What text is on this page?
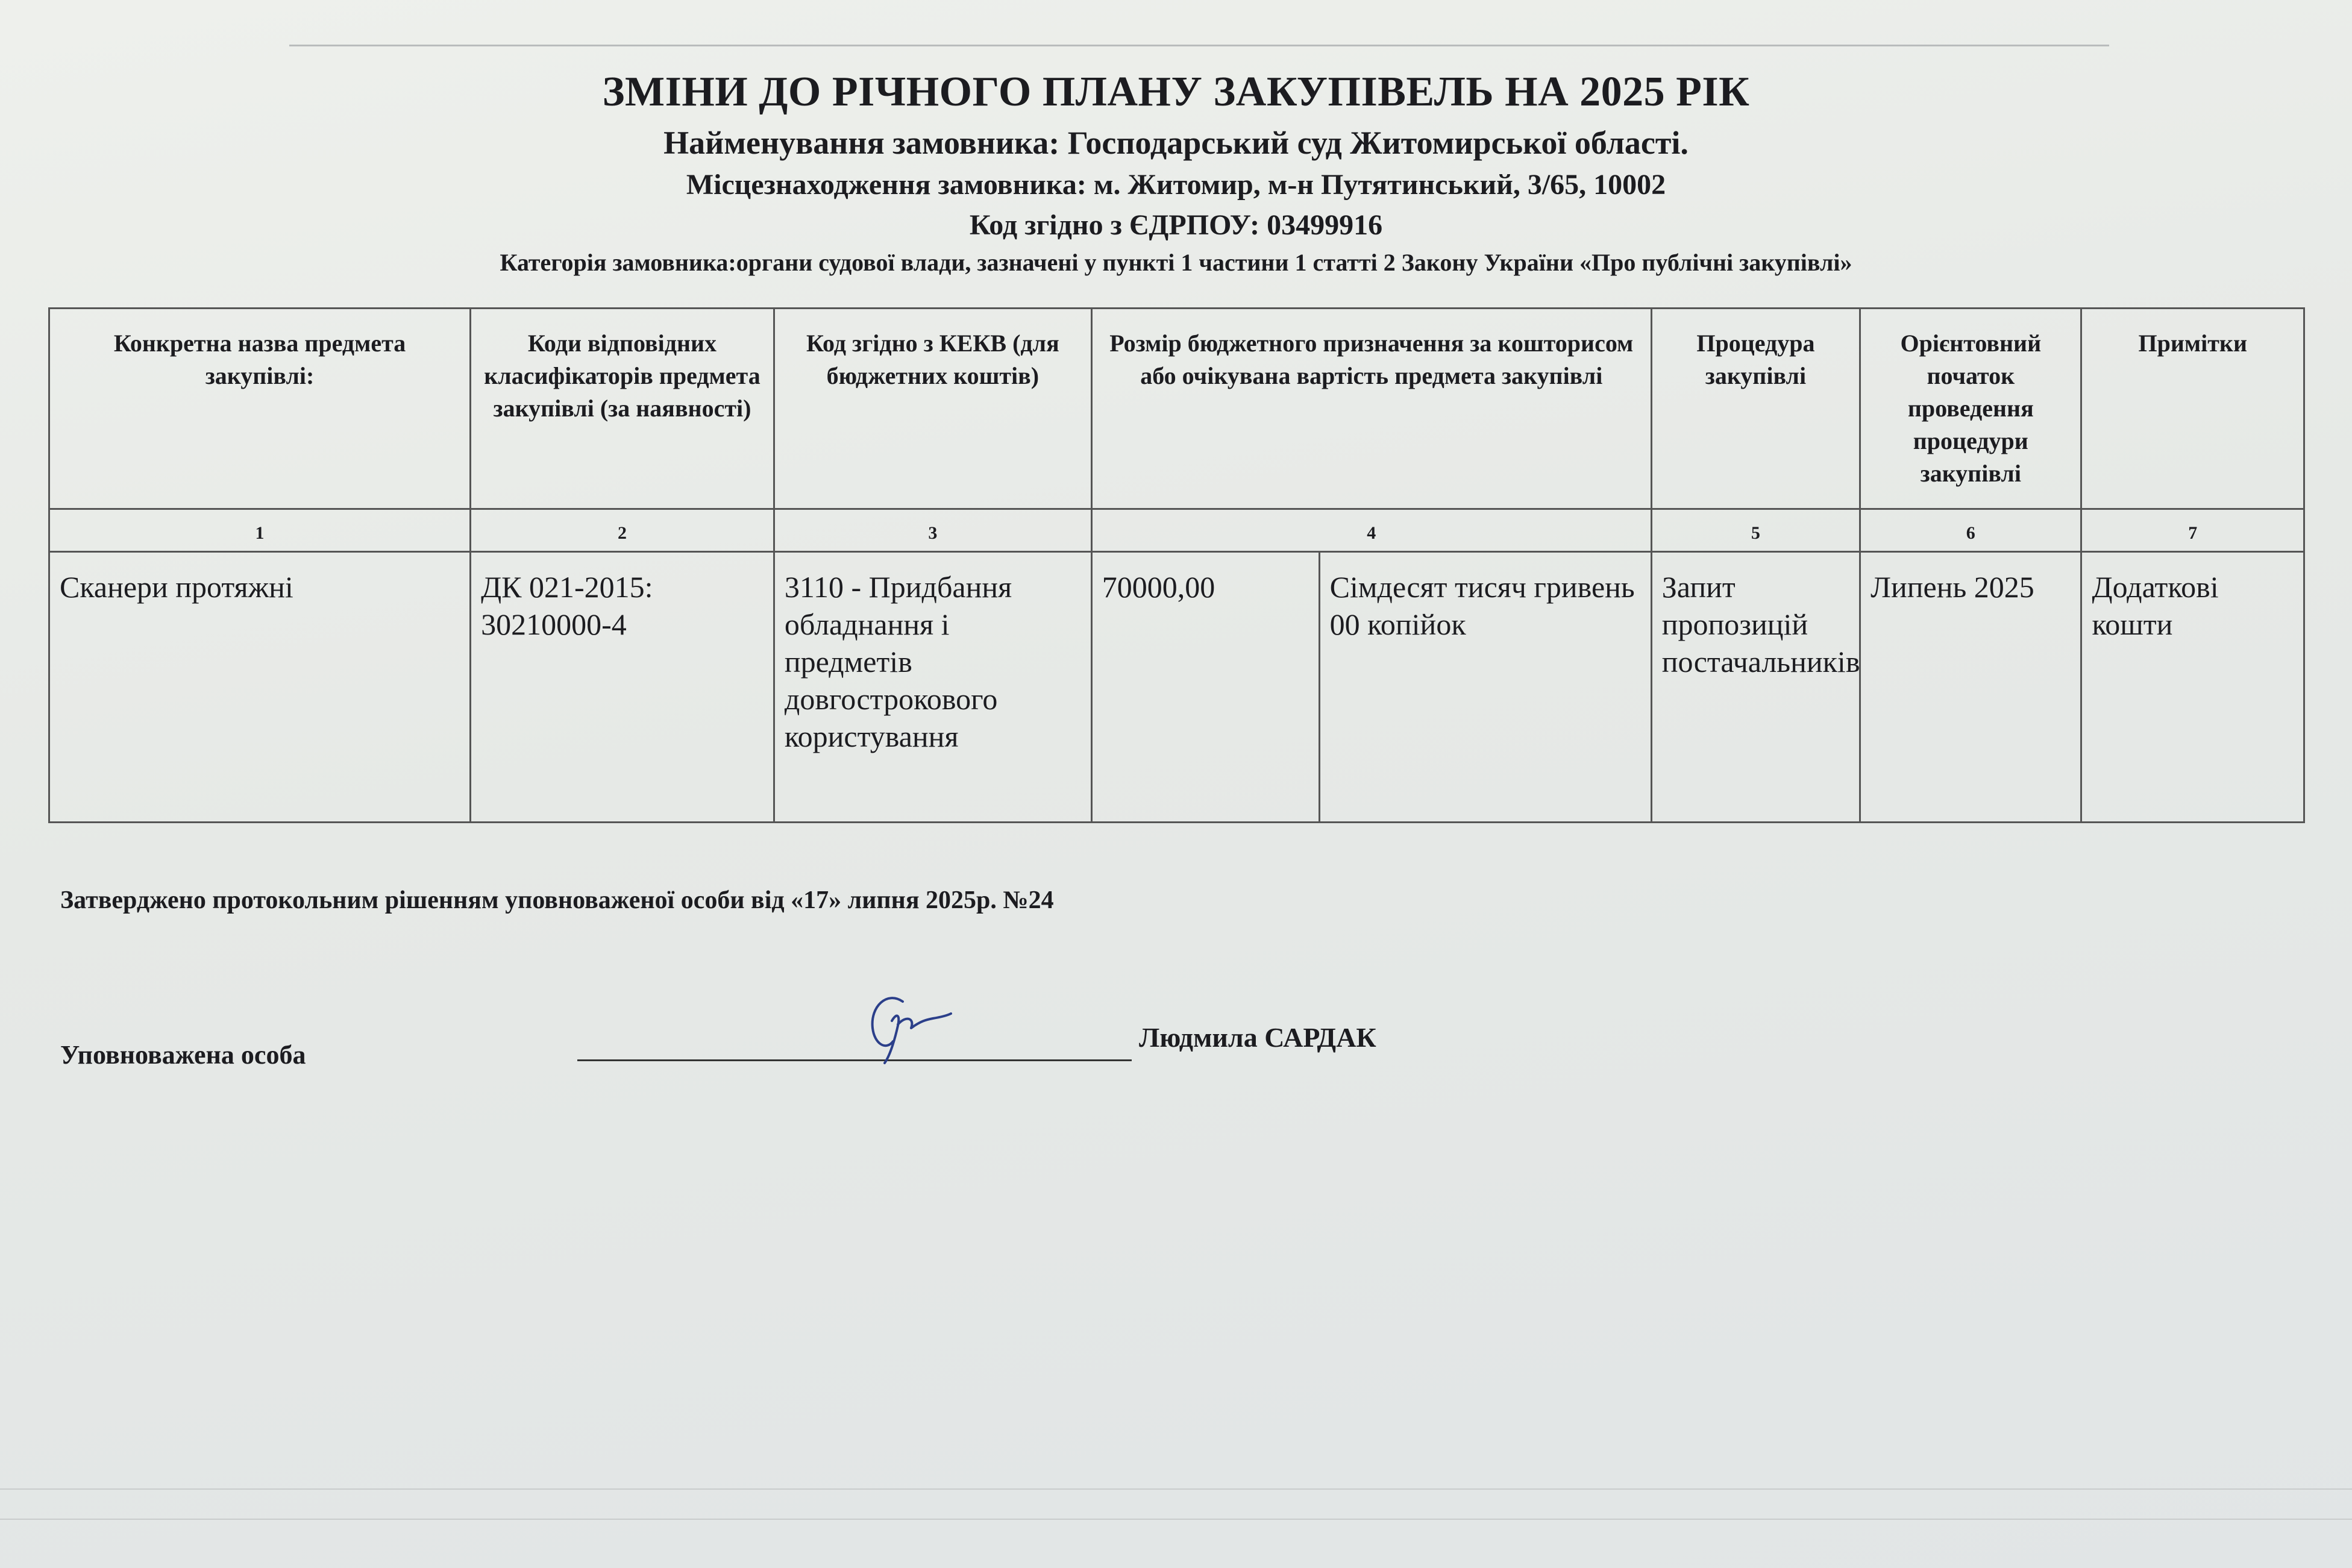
ЗМІНИ ДО РІЧНОГО ПЛАНУ ЗАКУПІВЕЛЬ НА 2025 РІК
Найменування замовника: Господарський суд Житомирської області.
Місцезнаходження замовника: м. Житомир, м-н Путятинський, 3/65, 10002
Код згідно з ЄДРПОУ: 03499916
Категорія замовника:органи судової влади, зазначені у пункті 1 частини 1 статті 2 Закону України «Про публічні закупівлі»
Конкретна назва предмета закупівлі:	Коди відповідних класифікаторів предмета закупівлі (за наявності)	Код згідно з КЕКВ (для бюджетних коштів)	Розмір бюджетного призначення за кошторисом або очікувана вартість предмета закупівлі		Процедура закупівлі	Орієнтовний початок проведення процедури закупівлі	Примітки
1	2	3	4		5	6	7
Сканери протяжні	ДК 021-2015: 30210000-4	3110 - Придбання обладнання і предметів довгострокового користування	70000,00	Сімдесят тисяч гривень 00 копійок	Запит пропозицій постачальників	Липень 2025	Додаткові кошти
Затверджено протокольним рішенням уповноваженої особи від «17» липня 2025р. №24
Уповноважена особа
Людмила САРДАК
